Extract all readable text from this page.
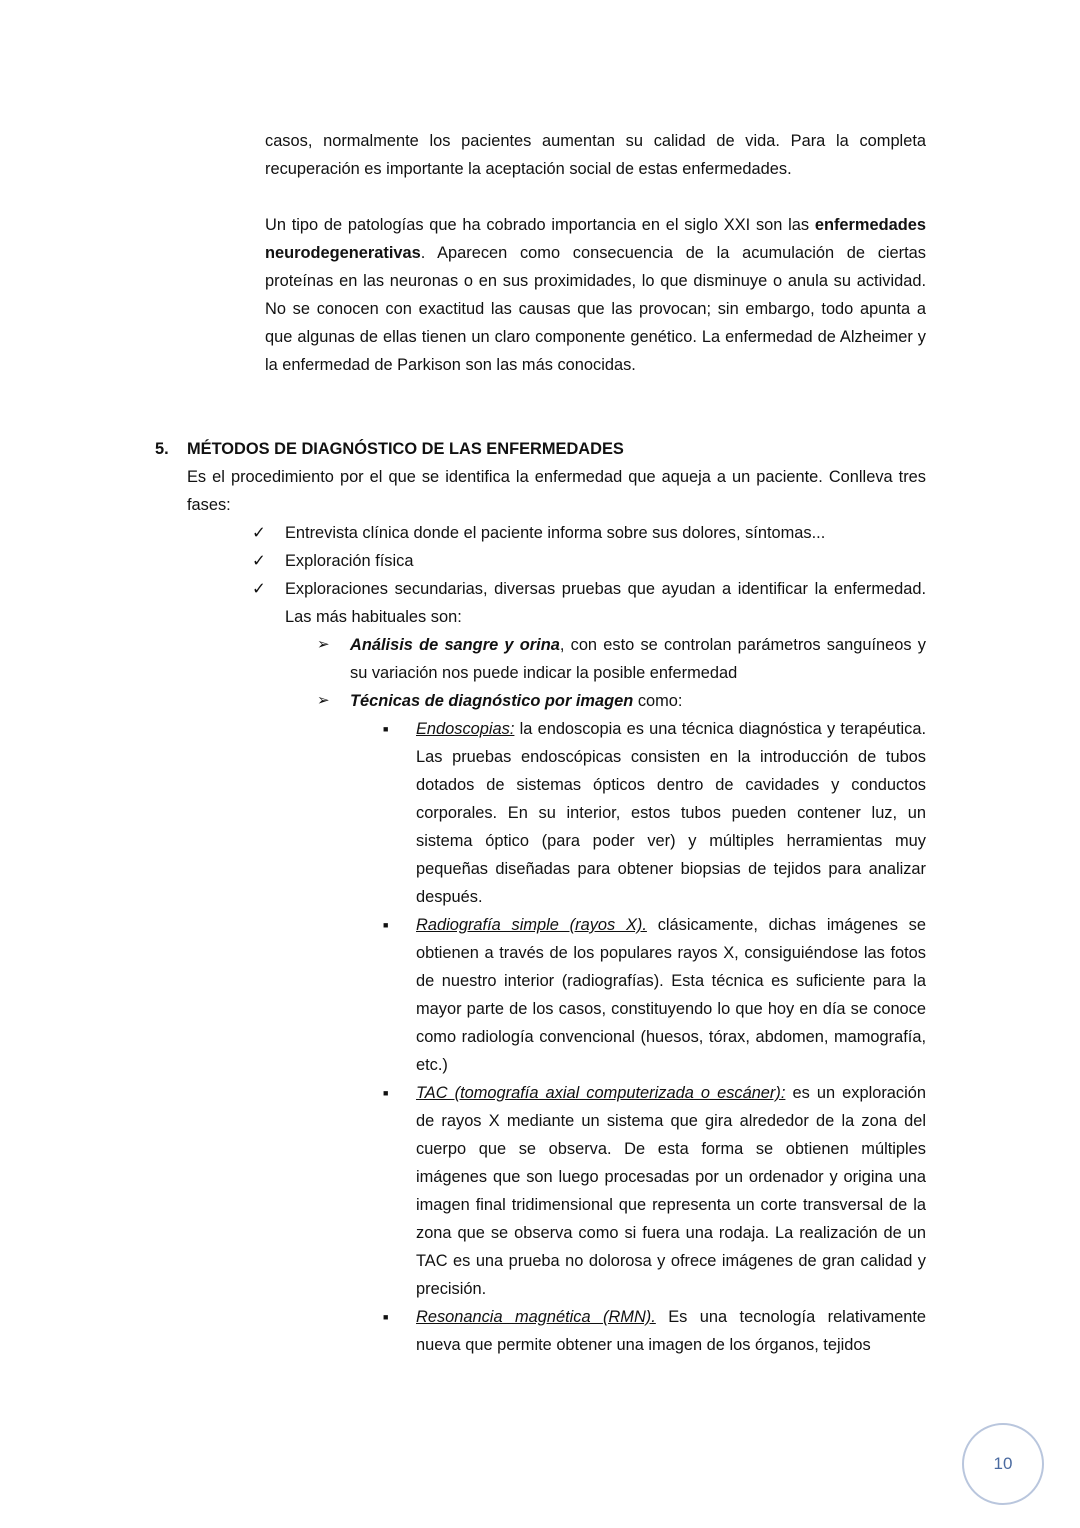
casos, normalmente los pacientes aumentan su calidad de vida. Para la completa recuperación es importante la aceptación social de estas enfermedades.

Un tipo de patologías que ha cobrado importancia en el siglo XXI son las enfermedades neurodegenerativas. Aparecen como consecuencia de la acumulación de ciertas proteínas en las neuronas o en sus proximidades, lo que disminuye o anula su actividad. No se conocen con exactitud las causas que las provocan; sin embargo, todo apunta a que algunas de ellas tienen un claro componente genético. La enfermedad de Alzheimer y la enfermedad de Parkison son las más conocidas.

5. MÉTODOS DE DIAGNÓSTICO DE LAS ENFERMEDADES

Es el procedimiento por el que se identifica la enfermedad que aqueja a un paciente. Conlleva tres fases:

✓ Entrevista clínica donde el paciente informa sobre sus dolores, síntomas...
✓ Exploración física
✓ Exploraciones secundarias, diversas pruebas que ayudan a identificar la enfermedad. Las más habituales son:
➢ Análisis de sangre y orina, con esto se controlan parámetros sanguíneos y su variación nos puede indicar la posible enfermedad
➢ Técnicas de diagnóstico por imagen como:
■ Endoscopias: la endoscopia es una técnica diagnóstica y terapéutica. Las pruebas endoscópicas consisten en la introducción de tubos dotados de sistemas ópticos dentro de cavidades y conductos corporales. En su interior, estos tubos pueden contener luz, un sistema óptico (para poder ver) y múltiples herramientas muy pequeñas diseñadas para obtener biopsias de tejidos para analizar después.
■ Radiografía simple (rayos X). clásicamente, dichas imágenes se obtienen a través de los populares rayos X, consiguiéndose las fotos de nuestro interior (radiografías). Esta técnica es suficiente para la mayor parte de los casos, constituyendo lo que hoy en día se conoce como radiología convencional (huesos, tórax, abdomen, mamografía, etc.)
■ TAC (tomografía axial computerizada o escáner): es un exploración de rayos X mediante un sistema que gira alrededor de la zona del cuerpo que se observa. De esta forma se obtienen múltiples imágenes que son luego procesadas por un ordenador y origina una imagen final tridimensional que representa un corte transversal de la zona que se observa como si fuera una rodaja. La realización de un TAC es una prueba no dolorosa y ofrece imágenes de gran calidad y precisión.
■ Resonancia magnética (RMN). Es una tecnología relativamente nueva que permite obtener una imagen de los órganos, tejidos
10
